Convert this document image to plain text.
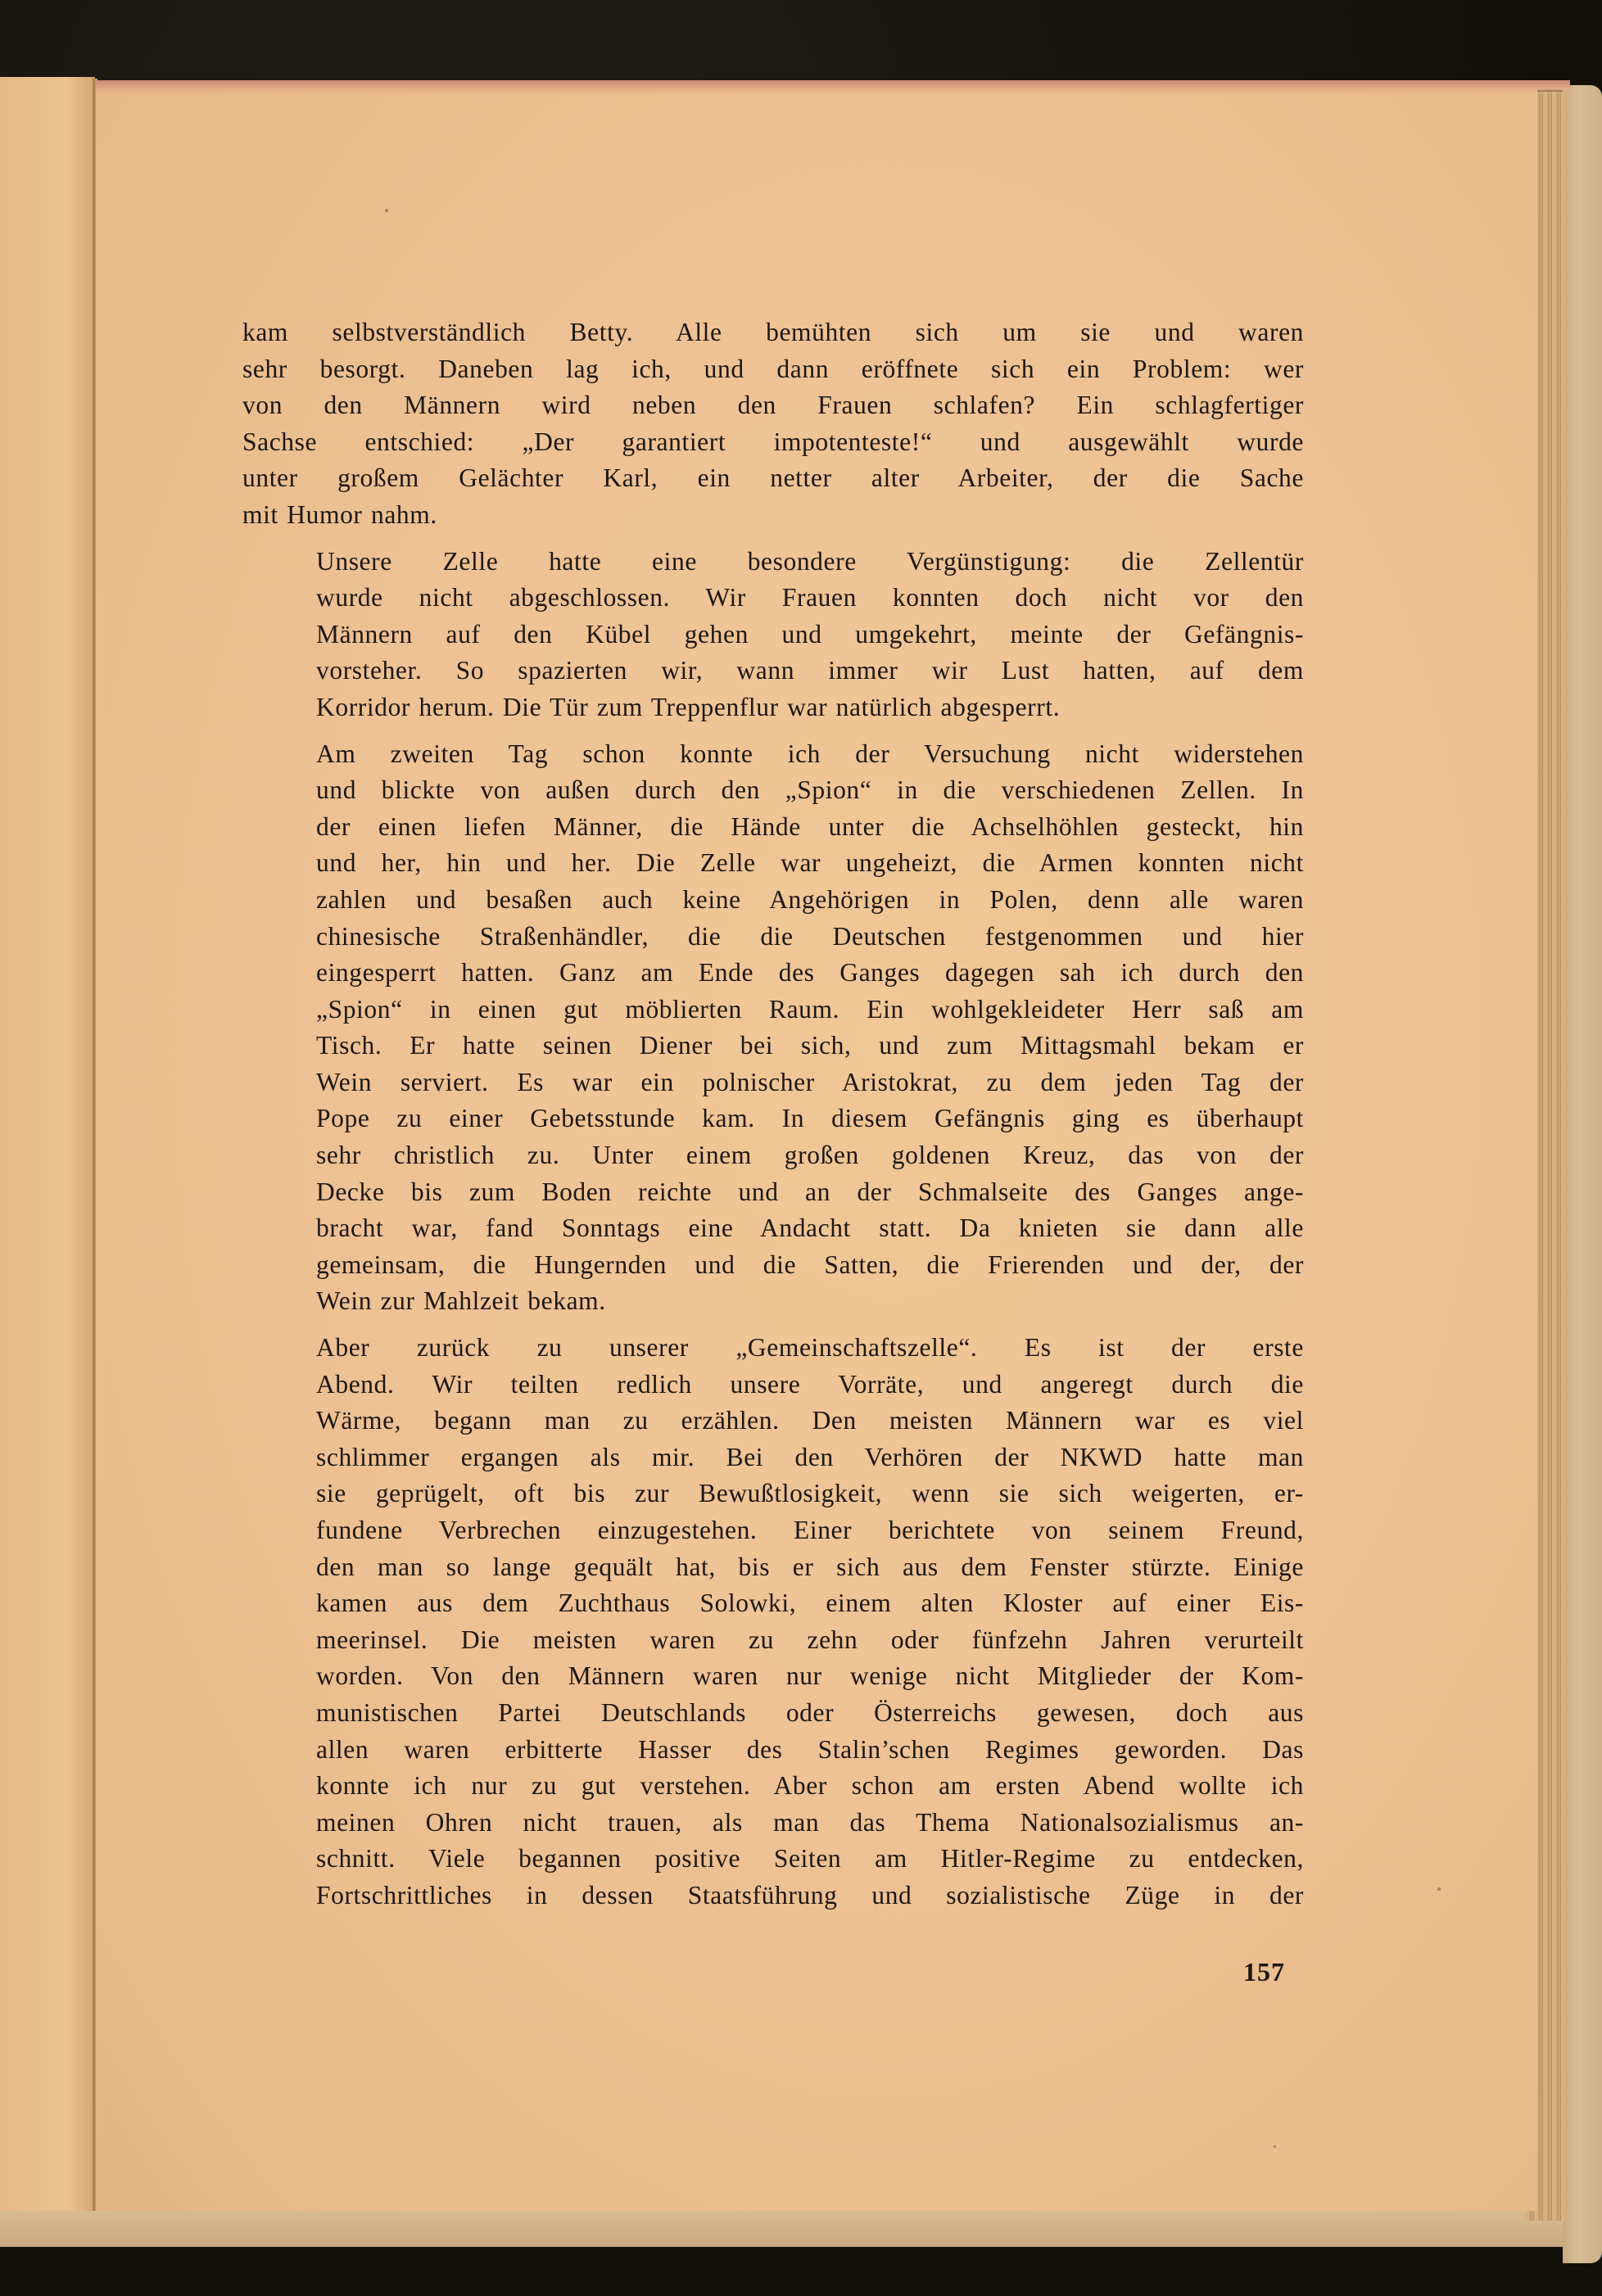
kam selbstverständlich Betty. Alle bemühten sich um sie und waren
sehr besorgt. Daneben lag ich, und dann eröffnete sich ein Problem: wer
von den Männern wird neben den Frauen schlafen? Ein schlagfertiger
Sachse entschied: „Der garantiert impotenteste!“ und ausgewählt wurde
unter großem Gelächter Karl, ein netter alter Arbeiter, der die Sache
mit Humor nahm.

Unsere Zelle hatte eine besondere Vergünstigung: die Zellentür
wurde nicht abgeschlossen. Wir Frauen konnten doch nicht vor den
Männern auf den Kübel gehen und umgekehrt, meinte der Gefängnis-
vorsteher. So spazierten wir, wann immer wir Lust hatten, auf dem
Korridor herum. Die Tür zum Treppenflur war natürlich abgesperrt.

Am zweiten Tag schon konnte ich der Versuchung nicht widerstehen
und blickte von außen durch den „Spion“ in die verschiedenen Zellen. In
der einen liefen Männer, die Hände unter die Achselhöhlen gesteckt, hin
und her, hin und her. Die Zelle war ungeheizt, die Armen konnten nicht
zahlen und besaßen auch keine Angehörigen in Polen, denn alle waren
chinesische Straßenhändler, die die Deutschen festgenommen und hier
eingesperrt hatten. Ganz am Ende des Ganges dagegen sah ich durch den
„Spion“ in einen gut möblierten Raum. Ein wohlgekleideter Herr saß am
Tisch. Er hatte seinen Diener bei sich, und zum Mittagsmahl bekam er
Wein serviert. Es war ein polnischer Aristokrat, zu dem jeden Tag der
Pope zu einer Gebetsstunde kam. In diesem Gefängnis ging es überhaupt
sehr christlich zu. Unter einem großen goldenen Kreuz, das von der
Decke bis zum Boden reichte und an der Schmalseite des Ganges ange-
bracht war, fand Sonntags eine Andacht statt. Da knieten sie dann alle
gemeinsam, die Hungernden und die Satten, die Frierenden und der, der
Wein zur Mahlzeit bekam.

Aber zurück zu unserer „Gemeinschaftszelle“. Es ist der erste
Abend. Wir teilten redlich unsere Vorräte, und angeregt durch die
Wärme, begann man zu erzählen. Den meisten Männern war es viel
schlimmer ergangen als mir. Bei den Verhören der NKWD hatte man
sie geprügelt, oft bis zur Bewußtlosigkeit, wenn sie sich weigerten, er-
fundene Verbrechen einzugestehen. Einer berichtete von seinem Freund,
den man so lange gequält hat, bis er sich aus dem Fenster stürzte. Einige
kamen aus dem Zuchthaus Solowki, einem alten Kloster auf einer Eis-
meerinsel. Die meisten waren zu zehn oder fünfzehn Jahren verurteilt
worden. Von den Männern waren nur wenige nicht Mitglieder der Kom-
munistischen Partei Deutschlands oder Österreichs gewesen, doch aus
allen waren erbitterte Hasser des Stalin’schen Regimes geworden. Das
konnte ich nur zu gut verstehen. Aber schon am ersten Abend wollte ich
meinen Ohren nicht trauen, als man das Thema Nationalsozialismus an-
schnitt. Viele begannen positive Seiten am Hitler-Regime zu entdecken,
Fortschrittliches in dessen Staatsführung und sozialistische Züge in der

157
